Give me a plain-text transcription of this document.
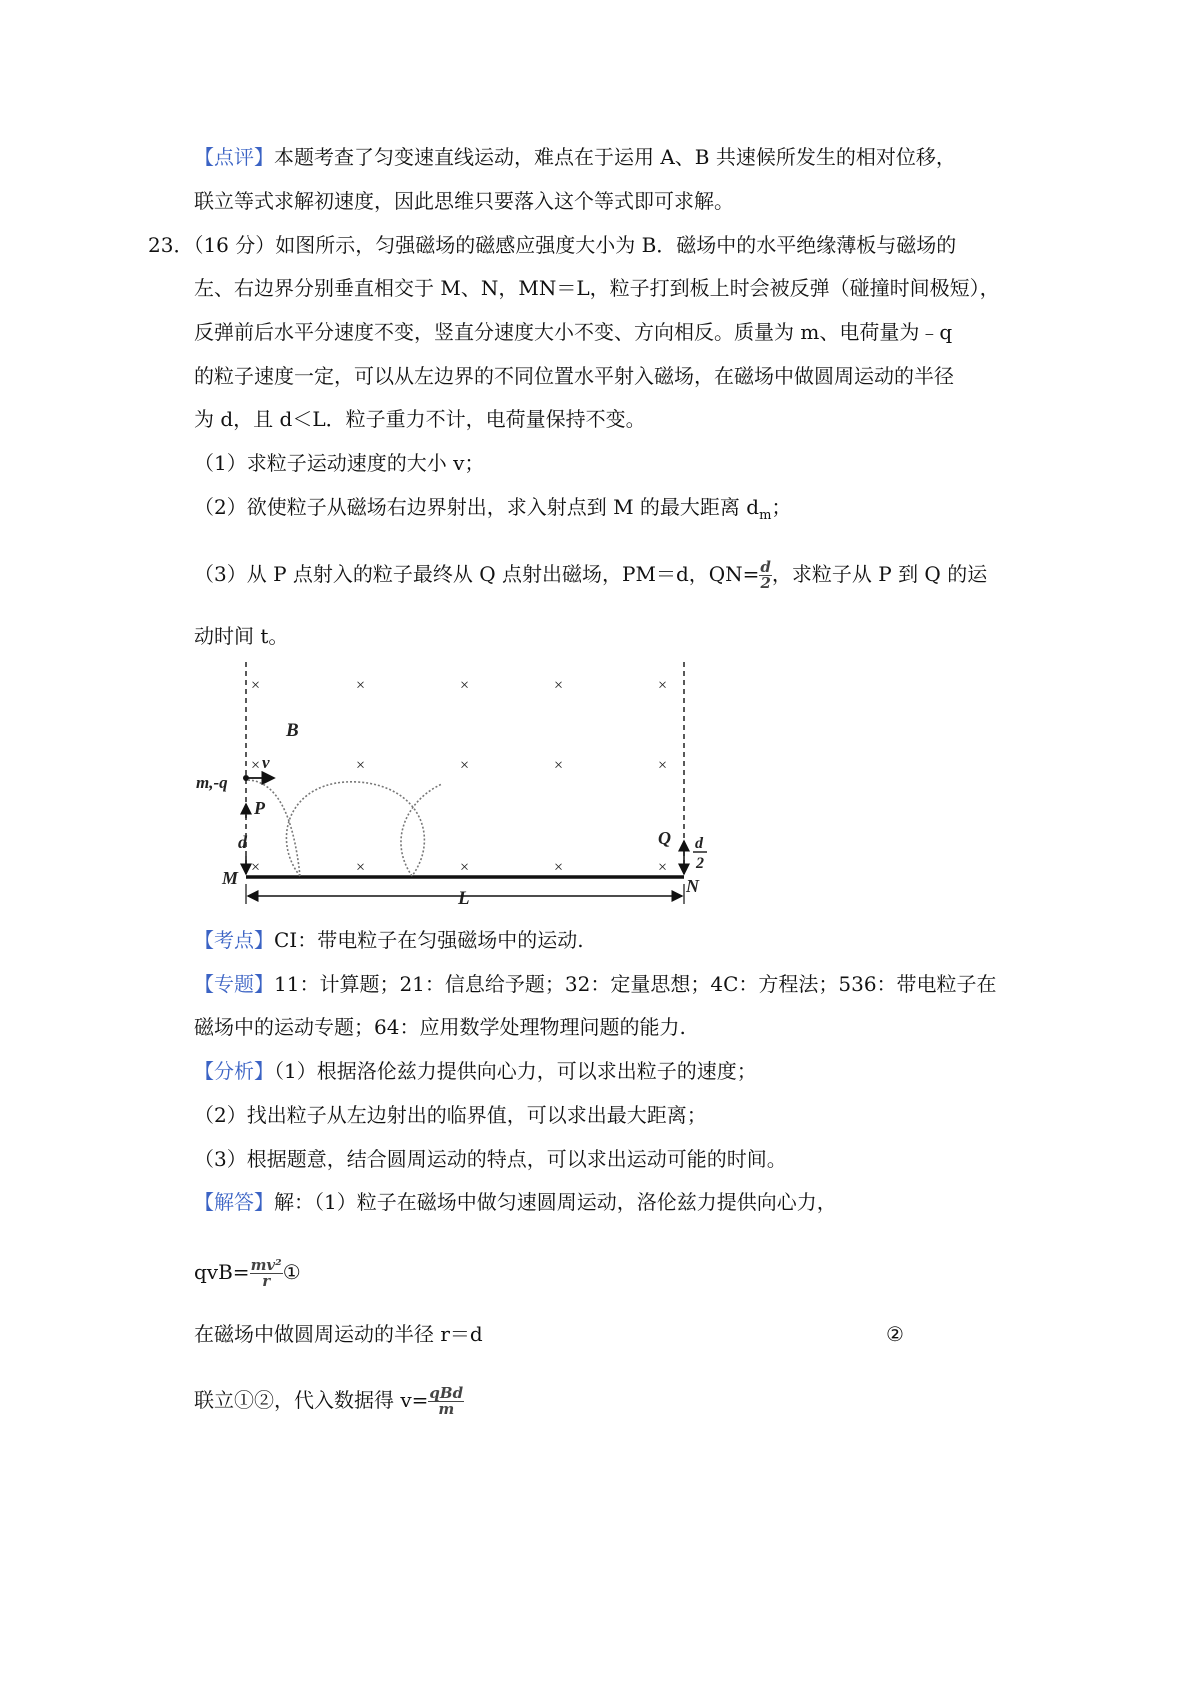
【点评】本题考查了匀变速直线运动，难点在于运用 A、B 共速候所发生的相对位移，
联立等式求解初速度，因此思维只要落入这个等式即可求解。
23．（16 分）如图所示，匀强磁场的磁感应强度大小为 B．磁场中的水平绝缘薄板与磁场的
左、右边界分别垂直相交于 M、N，MN＝L，粒子打到板上时会被反弹（碰撞时间极短），
反弹前后水平分速度不变，竖直分速度大小不变、方向相反。质量为 m、电荷量为﹣q
的粒子速度一定，可以从左边界的不同位置水平射入磁场，在磁场中做圆周运动的半径
为 d，且 d＜L．粒子重力不计，电荷量保持不变。
（1）求粒子运动速度的大小 v；
（2）欲使粒子从磁场右边界射出，求入射点到 M 的最大距离 $d_m$；
（3）从 P 点射入的粒子最终从 Q 点射出磁场，PM＝d，$QN= \frac{d}{2}$ ，求粒子从 P 到 Q 的运
动时间 t。
×	×	×	×	×
×	×	×	×	×
×	×	×	×	×
B
v
m,-q
P
d
M
Q d
2
N
L
【考点】CI：带电粒子在匀强磁场中的运动.
【专题】11：计算题；21：信息给予题；32：定量思想；4C：方程法；536：带电粒子在
磁场中的运动专题；64：应用数学处理物理问题的能力.
【分析】（1）根据洛伦兹力提供向心力，可以求出粒子的速度；
（2）找出粒子从左边射出的临界值，可以求出最大距离；
（3）根据题意，结合圆周运动的特点，可以求出运动可能的时间。
【解答】解：（1）粒子在磁场中做匀速圆周运动，洛伦兹力提供向心力，
$qvB= \frac{\text{mv²}}{r}$ ①
在磁场中做圆周运动的半径 r＝d	②
联立①②，代入数据得 $v= \frac{\text{qBd}}{m}$
